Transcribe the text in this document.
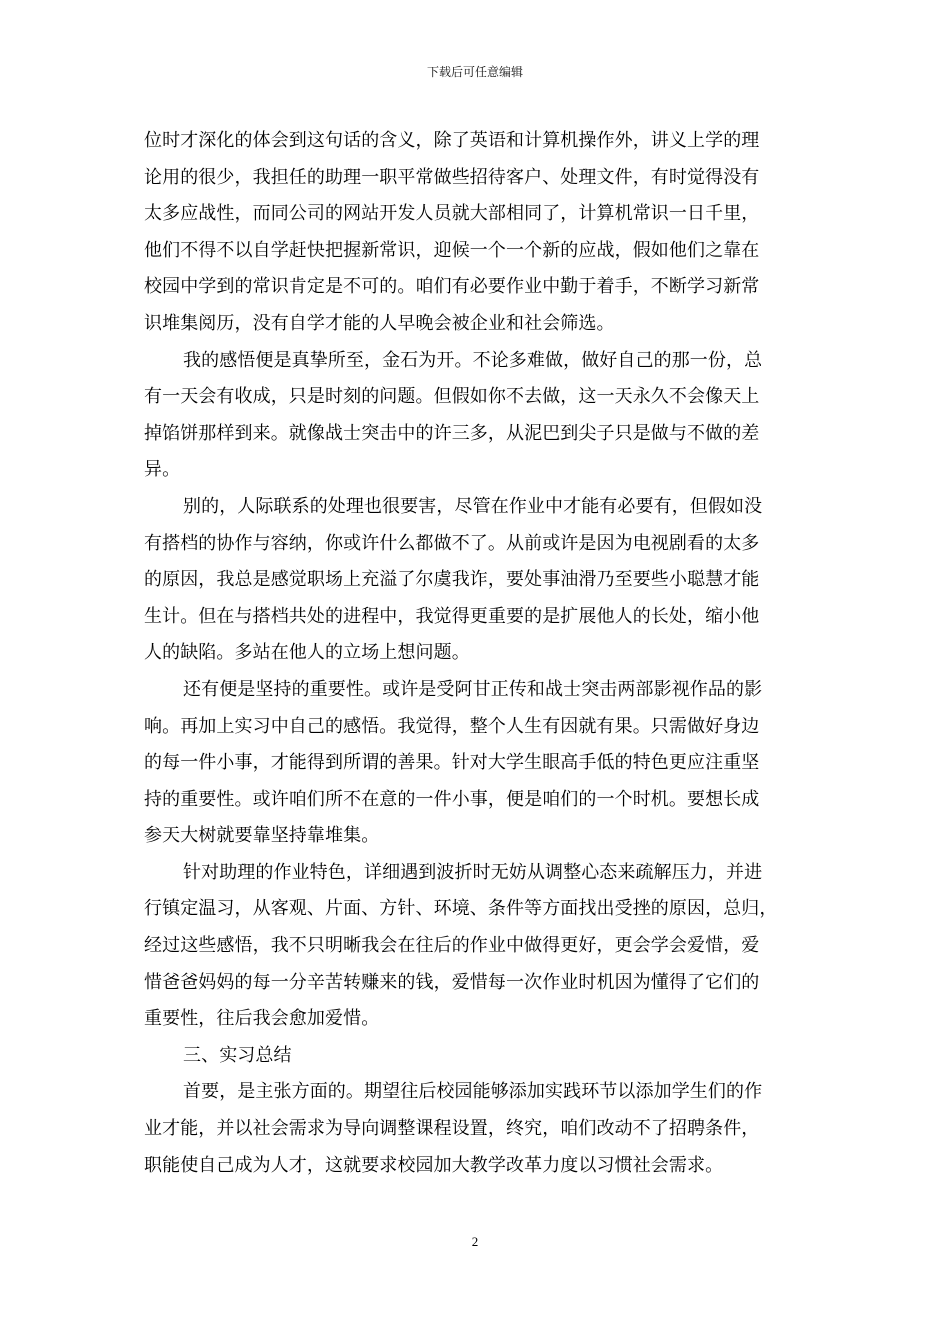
下载后可任意编辑
位时才深化的体会到这句话的含义，除了英语和计算机操作外，讲义上学的理
论用的很少，我担任的助理一职平常做些招待客户、处理文件，有时觉得没有
太多应战性，而同公司的网站开发人员就大部相同了，计算机常识一日千里，
他们不得不以自学赶快把握新常识，迎候一个一个新的应战，假如他们之靠在
校园中学到的常识肯定是不可的。咱们有必要作业中勤于着手，不断学习新常
识堆集阅历，没有自学才能的人早晚会被企业和社会筛选。
我的感悟便是真挚所至，金石为开。不论多难做，做好自己的那一份，总
有一天会有收成，只是时刻的问题。但假如你不去做，这一天永久不会像天上
掉馅饼那样到来。就像战士突击中的许三多，从泥巴到尖子只是做与不做的差
异。
别的，人际联系的处理也很要害，尽管在作业中才能有必要有，但假如没
有搭档的协作与容纳，你或许什么都做不了。从前或许是因为电视剧看的太多
的原因，我总是感觉职场上充溢了尔虞我诈，要处事油滑乃至要些小聪慧才能
生计。但在与搭档共处的进程中，我觉得更重要的是扩展他人的长处，缩小他
人的缺陷。多站在他人的立场上想问题。
还有便是坚持的重要性。或许是受阿甘正传和战士突击两部影视作品的影
响。再加上实习中自己的感悟。我觉得，整个人生有因就有果。只需做好身边
的每一件小事，才能得到所谓的善果。针对大学生眼高手低的特色更应注重坚
持的重要性。或许咱们所不在意的一件小事，便是咱们的一个时机。要想长成
参天大树就要靠坚持靠堆集。
针对助理的作业特色，详细遇到波折时无妨从调整心态来疏解压力，并进
行镇定温习，从客观、片面、方针、环境、条件等方面找出受挫的原因，总归，
经过这些感悟，我不只明晰我会在往后的作业中做得更好，更会学会爱惜，爱
惜爸爸妈妈的每一分辛苦转赚来的钱，爱惜每一次作业时机因为懂得了它们的
重要性，往后我会愈加爱惜。
三、实习总结
首要，是主张方面的。期望往后校园能够添加实践环节以添加学生们的作
业才能，并以社会需求为导向调整课程设置，终究，咱们改动不了招聘条件，
职能使自己成为人才，这就要求校园加大教学改革力度以习惯社会需求。
2
